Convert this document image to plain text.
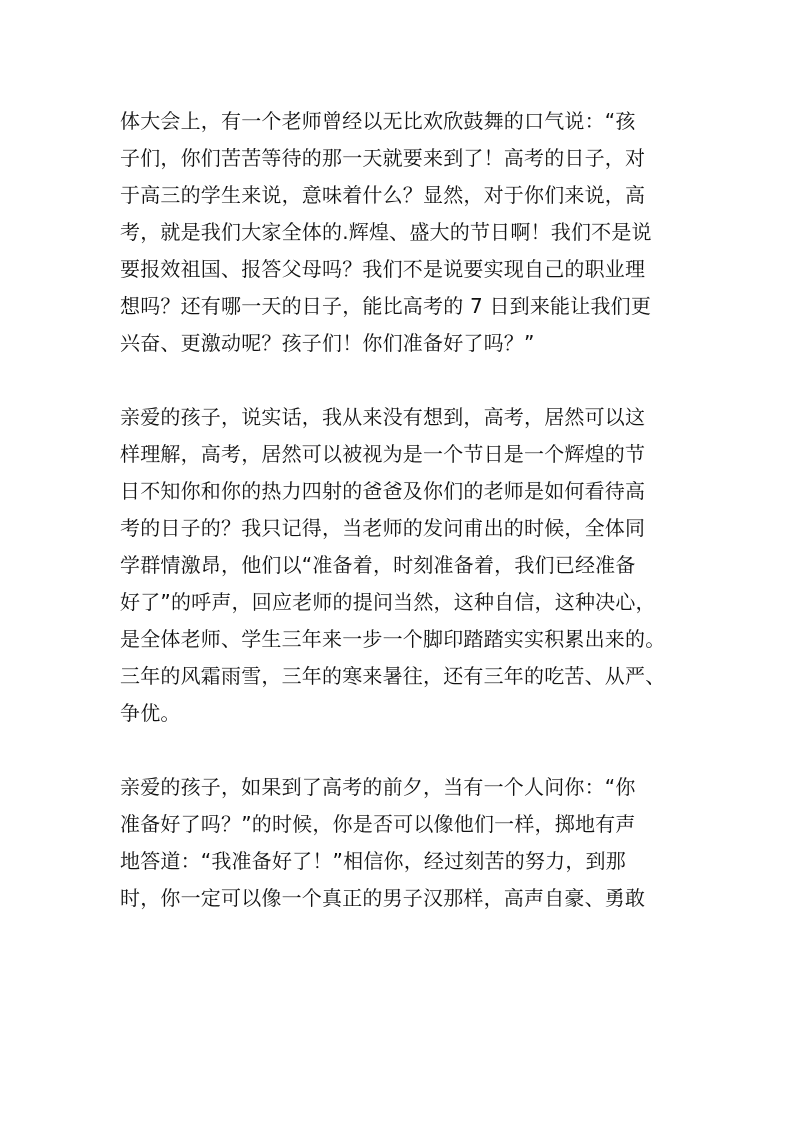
体大会上，有一个老师曾经以无比欢欣鼓舞的口气说：“孩
子们，你们苦苦等待的那一天就要来到了！高考的日子，对
于高三的学生来说，意味着什么？显然，对于你们来说，高
考，就是我们大家全体的.辉煌、盛大的节日啊！我们不是说
要报效祖国、报答父母吗？我们不是说要实现自己的职业理
想吗？还有哪一天的日子，能比高考的 7 日到来能让我们更
兴奋、更激动呢？孩子们！你们准备好了吗？”
亲爱的孩子，说实话，我从来没有想到，高考，居然可以这
样理解，高考，居然可以被视为是一个节日是一个辉煌的节
日不知你和你的热力四射的爸爸及你们的老师是如何看待高
考的日子的？我只记得，当老师的发问甫出的时候，全体同
学群情激昂，他们以“准备着，时刻准备着，我们已经准备
好了”的呼声，回应老师的提问当然，这种自信，这种决心，
是全体老师、学生三年来一步一个脚印踏踏实实积累出来的。
三年的风霜雨雪，三年的寒来暑往，还有三年的吃苦、从严、
争优。
亲爱的孩子，如果到了高考的前夕，当有一个人问你：“你
准备好了吗？”的时候，你是否可以像他们一样，掷地有声
地答道：“我准备好了！”相信你，经过刻苦的努力，到那
时，你一定可以像一个真正的男子汉那样，高声自豪、勇敢
